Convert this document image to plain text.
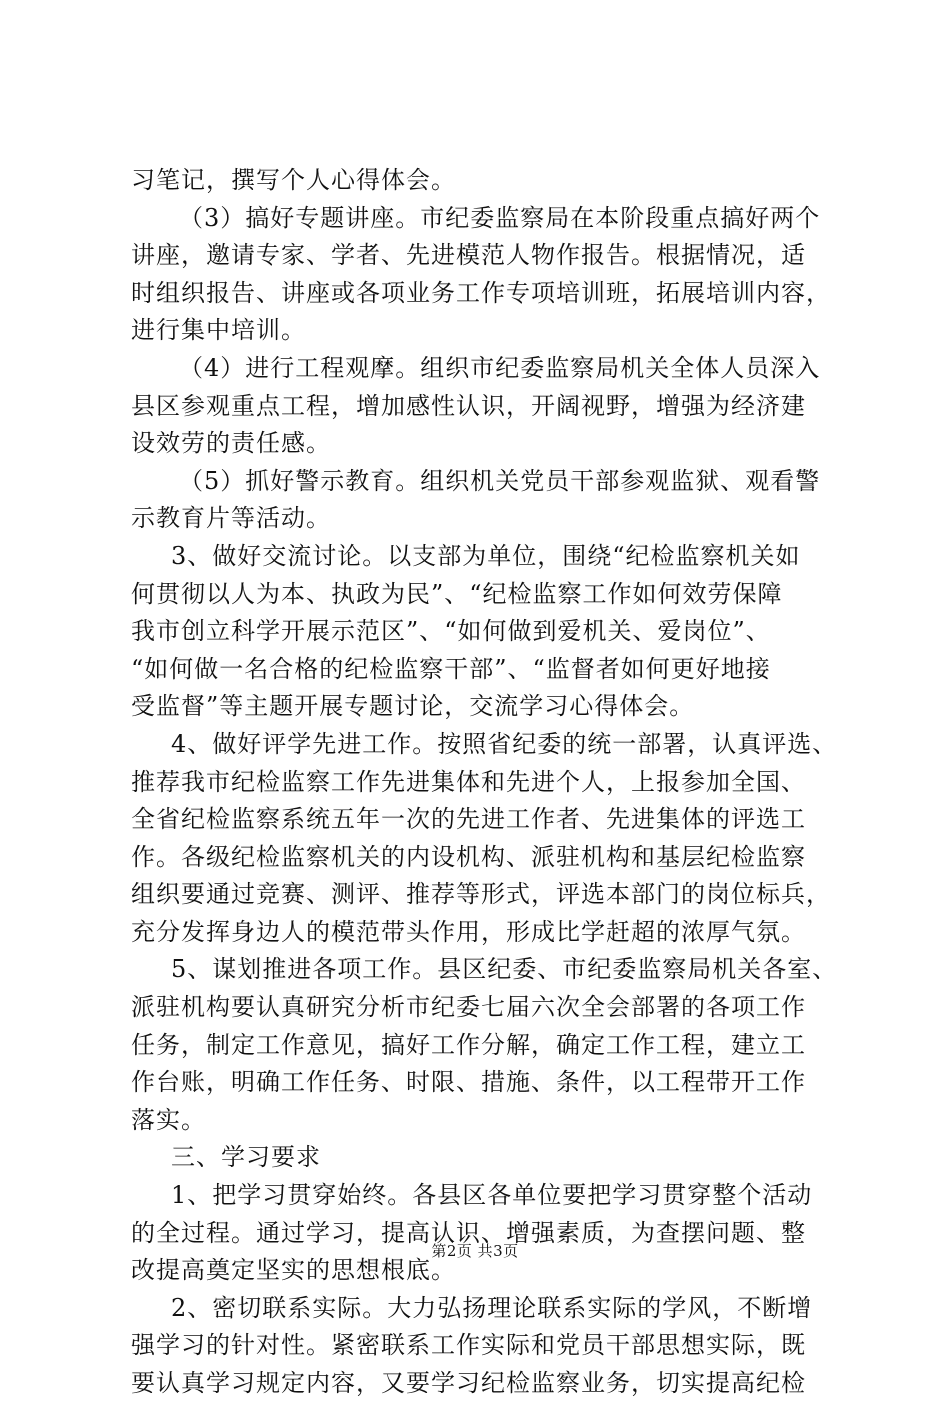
习笔记，撰写个人心得体会。
（3）搞好专题讲座。市纪委监察局在本阶段重点搞好两个
讲座，邀请专家、学者、先进模范人物作报告。根据情况，适
时组织报告、讲座或各项业务工作专项培训班，拓展培训内容，
进行集中培训。
（4）进行工程观摩。组织市纪委监察局机关全体人员深入
县区参观重点工程，增加感性认识，开阔视野，增强为经济建
设效劳的责任感。
（5）抓好警示教育。组织机关党员干部参观监狱、观看警
示教育片等活动。
3、做好交流讨论。以支部为单位，围绕“纪检监察机关如
何贯彻以人为本、执政为民”、“纪检监察工作如何效劳保障
我市创立科学开展示范区”、“如何做到爱机关、爱岗位”、
“如何做一名合格的纪检监察干部”、“监督者如何更好地接
受监督”等主题开展专题讨论，交流学习心得体会。
4、做好评学先进工作。按照省纪委的统一部署，认真评选、
推荐我市纪检监察工作先进集体和先进个人，上报参加全国、
全省纪检监察系统五年一次的先进工作者、先进集体的评选工
作。各级纪检监察机关的内设机构、派驻机构和基层纪检监察
组织要通过竞赛、测评、推荐等形式，评选本部门的岗位标兵，
充分发挥身边人的模范带头作用，形成比学赶超的浓厚气氛。
5、谋划推进各项工作。县区纪委、市纪委监察局机关各室、
派驻机构要认真研究分析市纪委七届六次全会部署的各项工作
任务，制定工作意见，搞好工作分解，确定工作工程，建立工
作台账，明确工作任务、时限、措施、条件，以工程带开工作
落实。
三、学习要求
1、把学习贯穿始终。各县区各单位要把学习贯穿整个活动
的全过程。通过学习，提高认识、增强素质，为查摆问题、整
改提高奠定坚实的思想根底。
2、密切联系实际。大力弘扬理论联系实际的学风，不断增
强学习的针对性。紧密联系工作实际和党员干部思想实际，既
要认真学习规定内容，又要学习纪检监察业务，切实提高纪检
第2页 共3页
